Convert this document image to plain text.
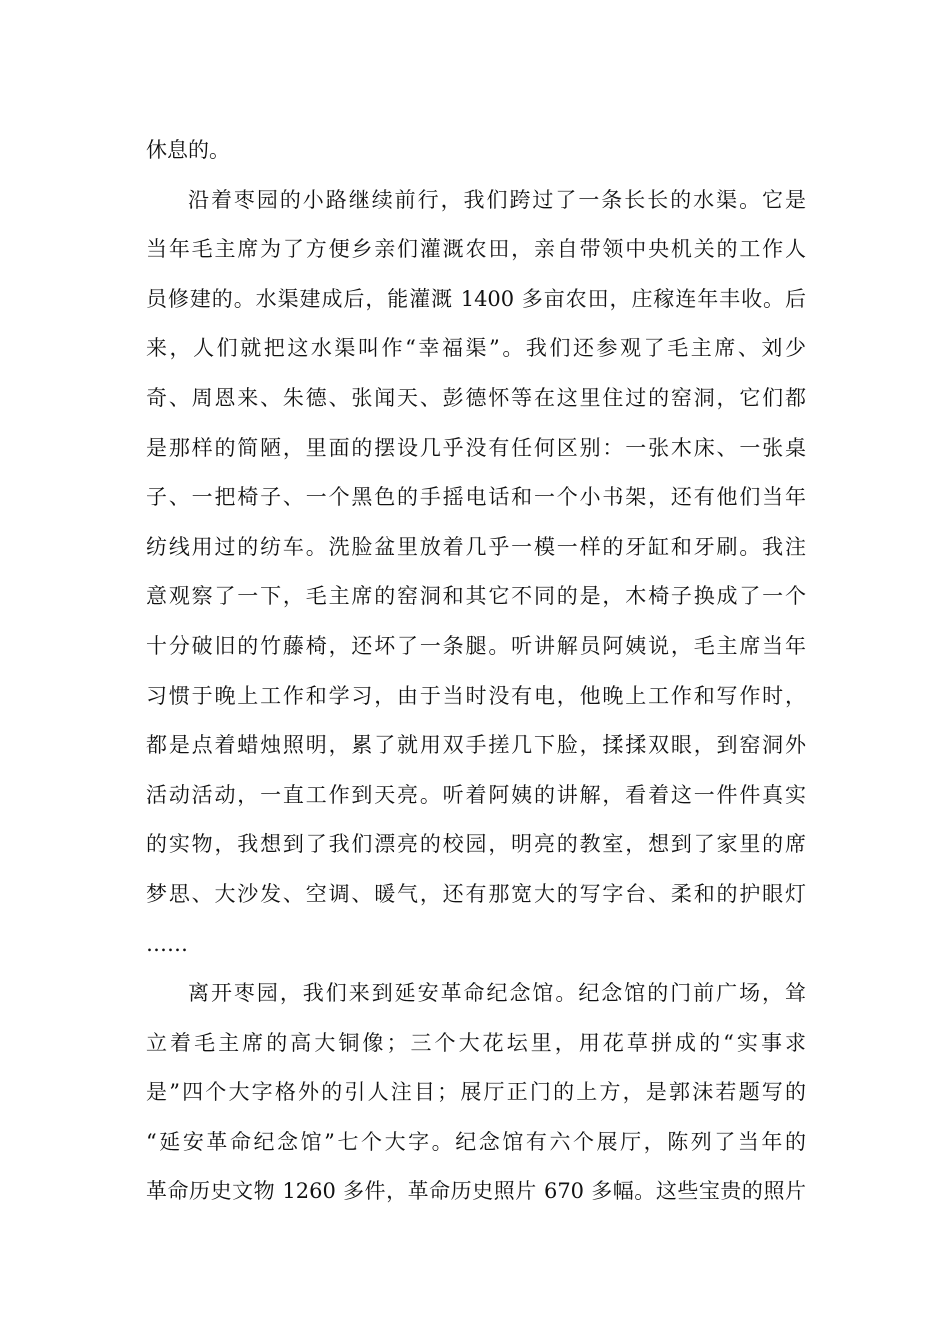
休息的。
沿着枣园的小路继续前行，我们跨过了一条长长的水渠。它是
当年毛主席为了方便乡亲们灌溉农田，亲自带领中央机关的工作人
员修建的。水渠建成后，能灌溉 1400 多亩农田，庄稼连年丰收。后
来，人们就把这水渠叫作“幸福渠”。我们还参观了毛主席、刘少
奇、周恩来、朱德、张闻天、彭德怀等在这里住过的窑洞，它们都
是那样的简陋，里面的摆设几乎没有任何区别：一张木床、一张桌
子、一把椅子、一个黑色的手摇电话和一个小书架，还有他们当年
纺线用过的纺车。洗脸盆里放着几乎一模一样的牙缸和牙刷。我注
意观察了一下，毛主席的窑洞和其它不同的是，木椅子换成了一个
十分破旧的竹藤椅，还坏了一条腿。听讲解员阿姨说，毛主席当年
习惯于晚上工作和学习，由于当时没有电，他晚上工作和写作时，
都是点着蜡烛照明，累了就用双手搓几下脸，揉揉双眼，到窑洞外
活动活动，一直工作到天亮。听着阿姨的讲解，看着这一件件真实
的实物，我想到了我们漂亮的校园，明亮的教室，想到了家里的席
梦思、大沙发、空调、暖气，还有那宽大的写字台、柔和的护眼灯
……
离开枣园，我们来到延安革命纪念馆。纪念馆的门前广场，耸
立着毛主席的高大铜像；三个大花坛里，用花草拼成的“实事求
是”四个大字格外的引人注目；展厅正门的上方，是郭沫若题写的
“延安革命纪念馆”七个大字。纪念馆有六个展厅，陈列了当年的
革命历史文物 1260 多件，革命历史照片 670 多幅。这些宝贵的照片
